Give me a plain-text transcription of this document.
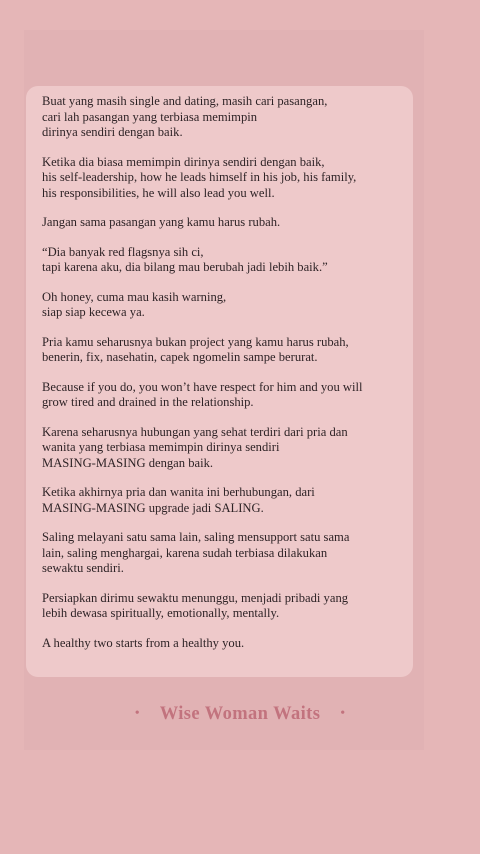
Buat yang masih single and dating, masih cari pasangan,
cari lah pasangan yang terbiasa memimpin
dirinya sendiri dengan baik.

Ketika dia biasa memimpin dirinya sendiri dengan baik,
his self-leadership, how he leads himself in his job, his family,
his responsibilities, he will also lead you well.

Jangan sama pasangan yang kamu harus rubah.

“Dia banyak red flagsnya sih ci,
tapi karena aku, dia bilang mau berubah jadi lebih baik.”

Oh honey, cuma mau kasih warning,
siap siap kecewa ya.

Pria kamu seharusnya bukan project yang kamu harus rubah,
benerin, fix, nasehatin, capek ngomelin sampe berurat.

Because if you do, you won’t have respect for him and you will
grow tired and drained in the relationship.

Karena seharusnya hubungan yang sehat terdiri dari pria dan
wanita yang terbiasa memimpin dirinya sendiri
MASING-MASING dengan baik.

Ketika akhirnya pria dan wanita ini berhubungan, dari
MASING-MASING upgrade jadi SALING.

Saling melayani satu sama lain, saling mensupport satu sama
lain, saling menghargai, karena sudah terbiasa dilakukan
sewaktu sendiri.

Persiapkan dirimu sewaktu menunggu, menjadi pribadi yang
lebih dewasa spiritually, emotionally, mentally.

A healthy two starts from a healthy you.

• Wise Woman Waits •
